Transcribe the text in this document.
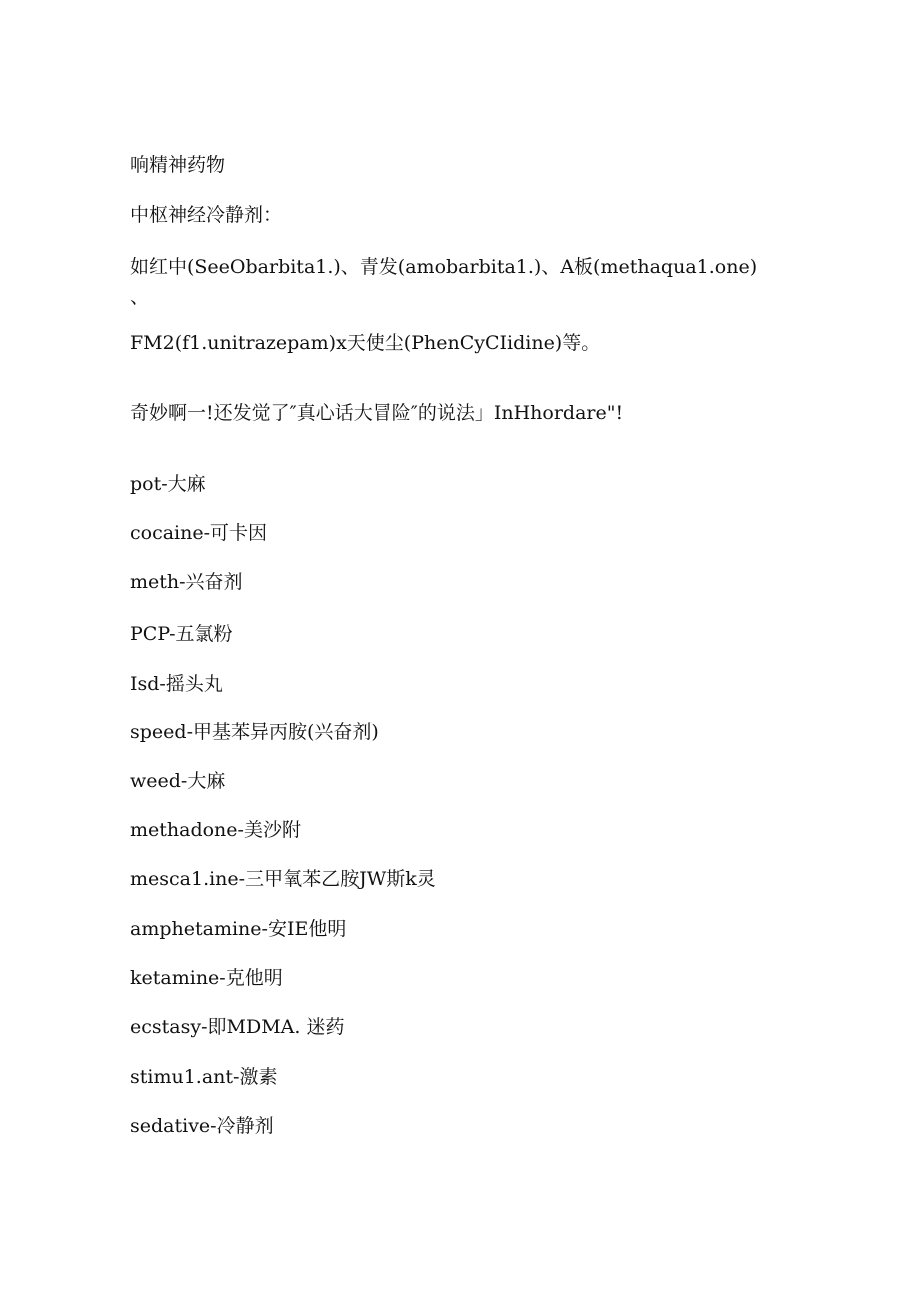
响精神药物
中枢神经冷静剂：
如红中(SeeObarbita1.)、青发(amobarbita1.)、A板(methaqua1.one)
、
FM2(f1.unitrazepam)x天使尘(PhenCyCIidine)等。
奇妙啊一!还发觉了″真心话大冒险″的说法」InHhordare"!
pot-大麻
cocaine-可卡因
meth-兴奋剂
PCP-五氯粉
Isd-摇头丸
speed-甲基苯异丙胺(兴奋剂)
weed-大麻
methadone-美沙附
mesca1.ine-三甲氧苯乙胺JW斯k灵
amphetamine-安IE他明
ketamine-克他明
ecstasy-即MDMA. 迷药
stimu1.ant-激素
sedative-冷静剂
